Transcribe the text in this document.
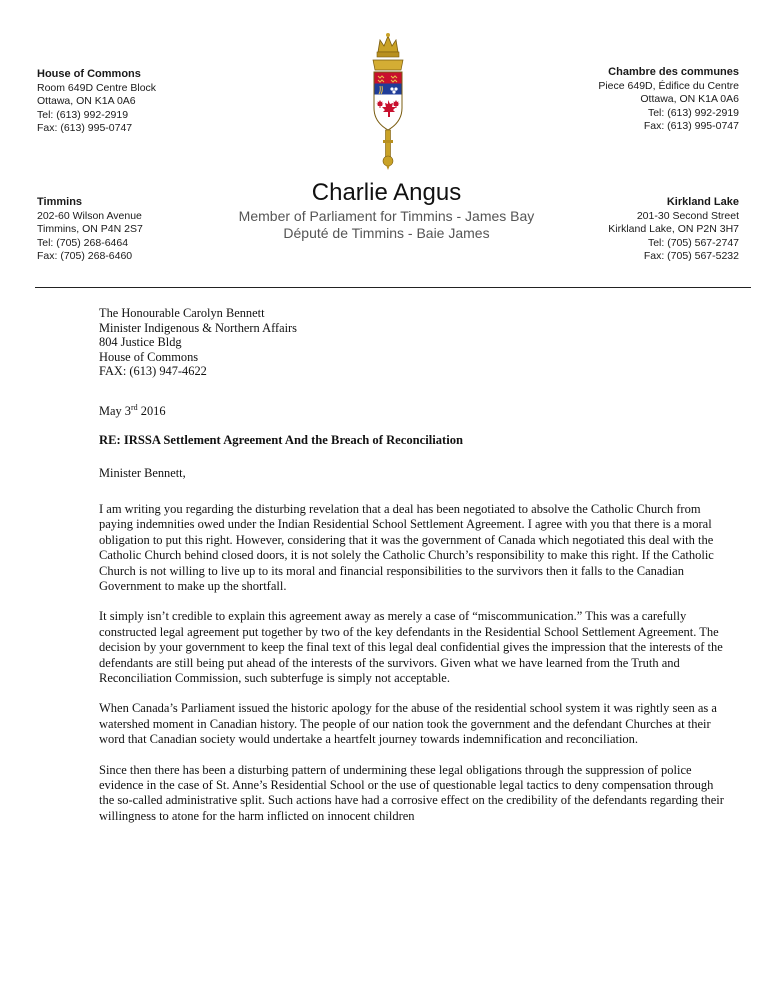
House of Commons
Room 649D Centre Block
Ottawa, ON K1A 0A6
Tel: (613) 992-2919
Fax: (613) 995-0747
Chambre des communes
Piece 649D, Édifice du Centre
Ottawa, ON K1A 0A6
Tel: (613) 992-2919
Fax: (613) 995-0747
Timmins
202-60 Wilson Avenue
Timmins, ON P4N 2S7
Tel: (705) 268-6464
Fax: (705) 268-6460
Charlie Angus
Member of Parliament for Timmins - James Bay
Député de Timmins - Baie James
Kirkland Lake
201-30 Second Street
Kirkland Lake, ON P2N 3H7
Tel: (705) 567-2747
Fax: (705) 567-5232
The Honourable Carolyn Bennett
Minister Indigenous & Northern Affairs
804 Justice Bldg
House of Commons
FAX: (613) 947-4622
May 3rd 2016
RE: IRSSA Settlement Agreement And the Breach of Reconciliation
Minister Bennett,

I am writing you regarding the disturbing revelation that a deal has been negotiated to absolve the Catholic Church from paying indemnities owed under the Indian Residential School Settlement Agreement. I agree with you that there is a moral obligation to put this right. However, considering that it was the government of Canada which negotiated this deal with the Catholic Church behind closed doors, it is not solely the Catholic Church’s responsibility to make this right. If the Catholic Church is not willing to live up to its moral and financial responsibilities to the survivors then it falls to the Canadian Government to make up the shortfall.

It simply isn’t credible to explain this agreement away as merely a case of “miscommunication.” This was a carefully constructed legal agreement put together by two of the key defendants in the Residential School Settlement Agreement. The decision by your government to keep the final text of this legal deal confidential gives the impression that the interests of the defendants are still being put ahead of the interests of the survivors. Given what we have learned from the Truth and Reconciliation Commission, such subterfuge is simply not acceptable.

When Canada’s Parliament issued the historic apology for the abuse of the residential school system it was rightly seen as a watershed moment in Canadian history. The people of our nation took the government and the defendant Churches at their word that Canadian society would undertake a heartfelt journey towards indemnification and reconciliation.

Since then there has been a disturbing pattern of undermining these legal obligations through the suppression of police evidence in the case of St. Anne’s Residential School or the use of questionable legal tactics to deny compensation through the so-called administrative split. Such actions have had a corrosive effect on the credibility of the defendants regarding their willingness to atone for the harm inflicted on innocent children
